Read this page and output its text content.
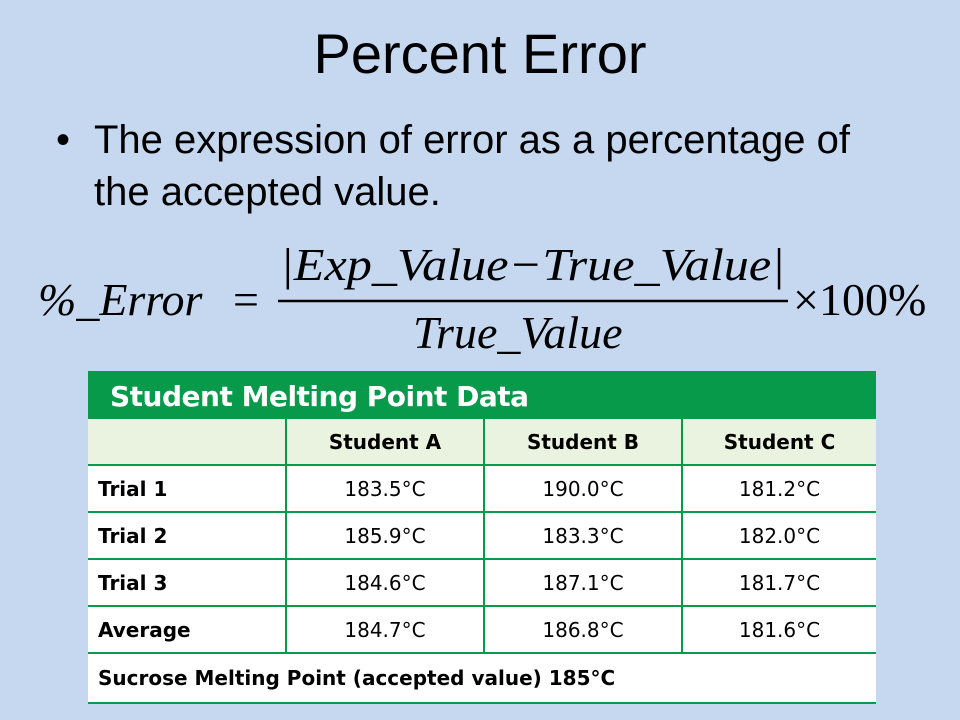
Percent Error
• The expression of error as a percentage of the accepted value.
%_Error =
|Exp_Value−True_Value|
True_Value
×100%
Student Melting Point Data
	Student A	Student B	Student C
Trial 1	183.5°C	190.0°C	181.2°C
Trial 2	185.9°C	183.3°C	182.0°C
Trial 3	184.6°C	187.1°C	181.7°C
Average	184.7°C	186.8°C	181.6°C
Sucrose Melting Point (accepted value) 185°C			
